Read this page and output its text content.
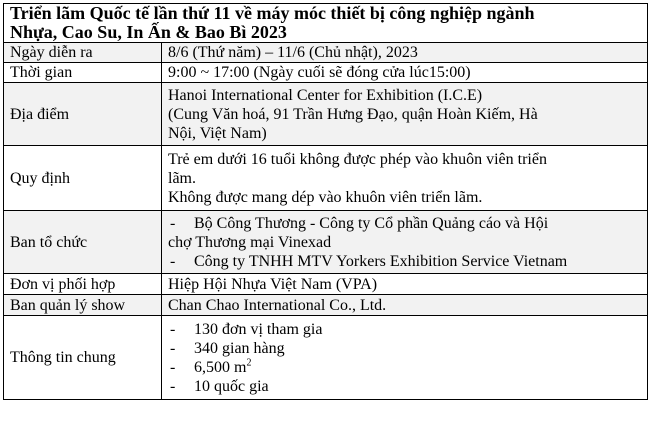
Triển lãm Quốc tế lần thứ 11 về máy móc thiết bị công nghiệp ngành
Nhựa, Cao Su, In Ấn & Bao Bì 2023	

Ngày diễn ra	8/6 (Thứ năm) – 11/6 (Chủ nhật), 2023
Thời gian	9:00 ~ 17:00 (Ngày cuối sẽ đóng cửa lúc15:00)
Địa điểm	Hanoi International Center for Exhibition (I.C.E)
(Cung Văn hoá, 91 Trần Hưng Đạo, quận Hoàn Kiếm, Hà
Nội, Việt Nam)

Quy định	Trẻ em dưới 16 tuổi không được phép vào khuôn viên triển
lãm.
Không được mang dép vào khuôn viên triển lãm.

Ban tổ chức	- Bộ Công Thương - Công ty Cổ phần Quảng cáo và Hội
chợ Thương mại Vinexad
- Công ty TNHH MTV Yorkers Exhibition Service Vietnam

Đơn vị phối hợp	Hiệp Hội Nhựa Việt Nam (VPA)
Ban quản lý show	Chan Chao International Co., Ltd.
Thông tin chung	- 130 đơn vị tham gia
- 340 gian hàng
- 6,500 $m^2$
- 10 quốc gia
